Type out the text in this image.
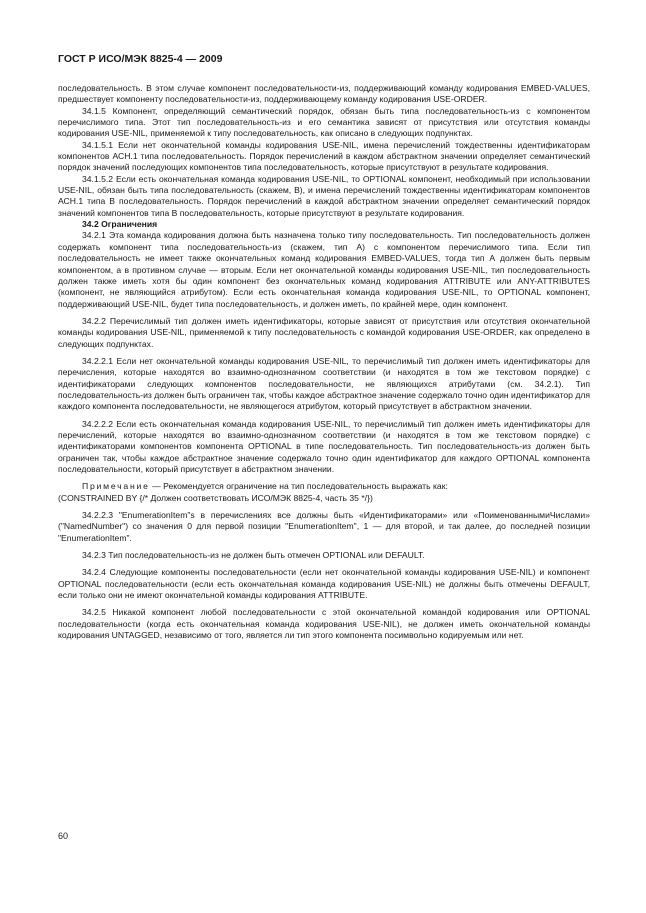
ГОСТ Р ИСО/МЭК 8825-4 — 2009

последовательность. В этом случае компонент последовательности-из, поддерживающий команду кодирования EMBED-VALUES, предшествует компоненту последовательности-из, поддерживающему команду кодирования USE-ORDER.

34.1.5 Компонент, определяющий семантический порядок, обязан быть типа последовательность-из с компонентом перечислимого типа. Этот тип последовательность-из и его семантика зависят от присутствия или отсутствия команды кодирования USE-NIL, применяемой к типу последовательность, как описано в следующих подпунктах.

34.1.5.1 Если нет окончательной команды кодирования USE-NIL, имена перечислений тождественны идентификаторам компонентов АСН.1 типа последовательность. Порядок перечислений в каждом абстрактном значении определяет семантический порядок значений последующих компонентов типа последовательность, которые присутствуют в результате кодирования.

34.1.5.2 Если есть окончательная команда кодирования USE-NIL, то OPTIONAL компонент, необходимый при использовании USE-NIL, обязан быть типа последовательность (скажем, В), и имена перечислений тождественны идентификаторам компонентов АСН.1 типа В последовательность. Порядок перечислений в каждой абстрактном значении определяет семантический порядок значений компонентов типа В последовательность, которые присутствуют в результате кодирования.

34.2 Ограничения

34.2.1 Эта команда кодирования должна быть назначена только типу последовательность. Тип последовательность должен содержать компонент типа последовательность-из (скажем, тип А) с компонентом перечислимого типа. Если тип последовательность не имеет также окончательных команд кодирования EMBED-VALUES, тогда тип А должен быть первым компонентом, а в противном случае — вторым. Если нет окончательной команды кодирования USE-NIL, тип последовательность должен также иметь хотя бы один компонент без окончательных команд кодирования ATTRIBUTE или ANY-ATTRIBUTES (компонент, не являющийся атрибутом). Если есть окончательная команда кодирования USE-NIL, то OPTIONAL компонент, поддерживающий USE-NIL, будет типа последовательность, и должен иметь, по крайней мере, один компонент.

34.2.2 Перечислимый тип должен иметь идентификаторы, которые зависят от присутствия или отсутствия окончательной команды кодирования USE-NIL, применяемой к типу последовательность с командой кодирования USE-ORDER, как определено в следующих подпунктах.

34.2.2.1 Если нет окончательной команды кодирования USE-NIL, то перечислимый тип должен иметь идентификаторы для перечисления, которые находятся во взаимно-однозначном соответствии (и находятся в том же текстовом порядке) с идентификаторами следующих компонентов последовательности, не являющихся атрибутами (см. 34.2.1). Тип последовательность-из должен быть ограничен так, чтобы каждое абстрактное значение содержало точно один идентификатор для каждого компонента последовательности, не являющегося атрибутом, который присутствует в абстрактном значении.

34.2.2.2 Если есть окончательная команда кодирования USE-NIL, то перечислимый тип должен иметь идентификаторы для перечислений, которые находятся во взаимно-однозначном соответствии (и находятся в том же текстовом порядке) с идентификаторами компонентов компонента OPTIONAL в типе последовательность. Тип последовательность-из должен быть ограничен так, чтобы каждое абстрактное значение содержало точно один идентификатор для каждого OPTIONAL компонента последовательности, который присутствует в абстрактном значении.

Примечание — Рекомендуется ограничение на тип последовательность выражать как:
(CONSTRAINED BY {/* Должен соответствовать ИСО/МЭК 8825-4, часть 35 */})

34.2.2.3 "EnumerationItem"s в перечислениях все должны быть «Идентификаторами» или «ПоименованнымиЧислами» ("NamedNumber") со значения 0 для первой позиции "EnumerationItem", 1 — для второй, и так далее, до последней позиции "EnumerationItem".

34.2.3 Тип последовательность-из не должен быть отмечен OPTIONAL или DEFAULT.

34.2.4 Следующие компоненты последовательности (если нет окончательной команды кодирования USE-NIL) и компонент OPTIONAL последовательности (если есть окончательная команда кодирования USE-NIL) не должны быть отмечены DEFAULT, если только они не имеют окончательной команды кодирования ATTRIBUTE.

34.2.5 Никакой компонент любой последовательности с этой окончательной командой кодирования или OPTIONAL последовательности (когда есть окончательная команда кодирования USE-NIL), не должен иметь окончательной команды кодирования UNTAGGED, независимо от того, является ли тип этого компонента посимвольно кодируемым или нет.

60
